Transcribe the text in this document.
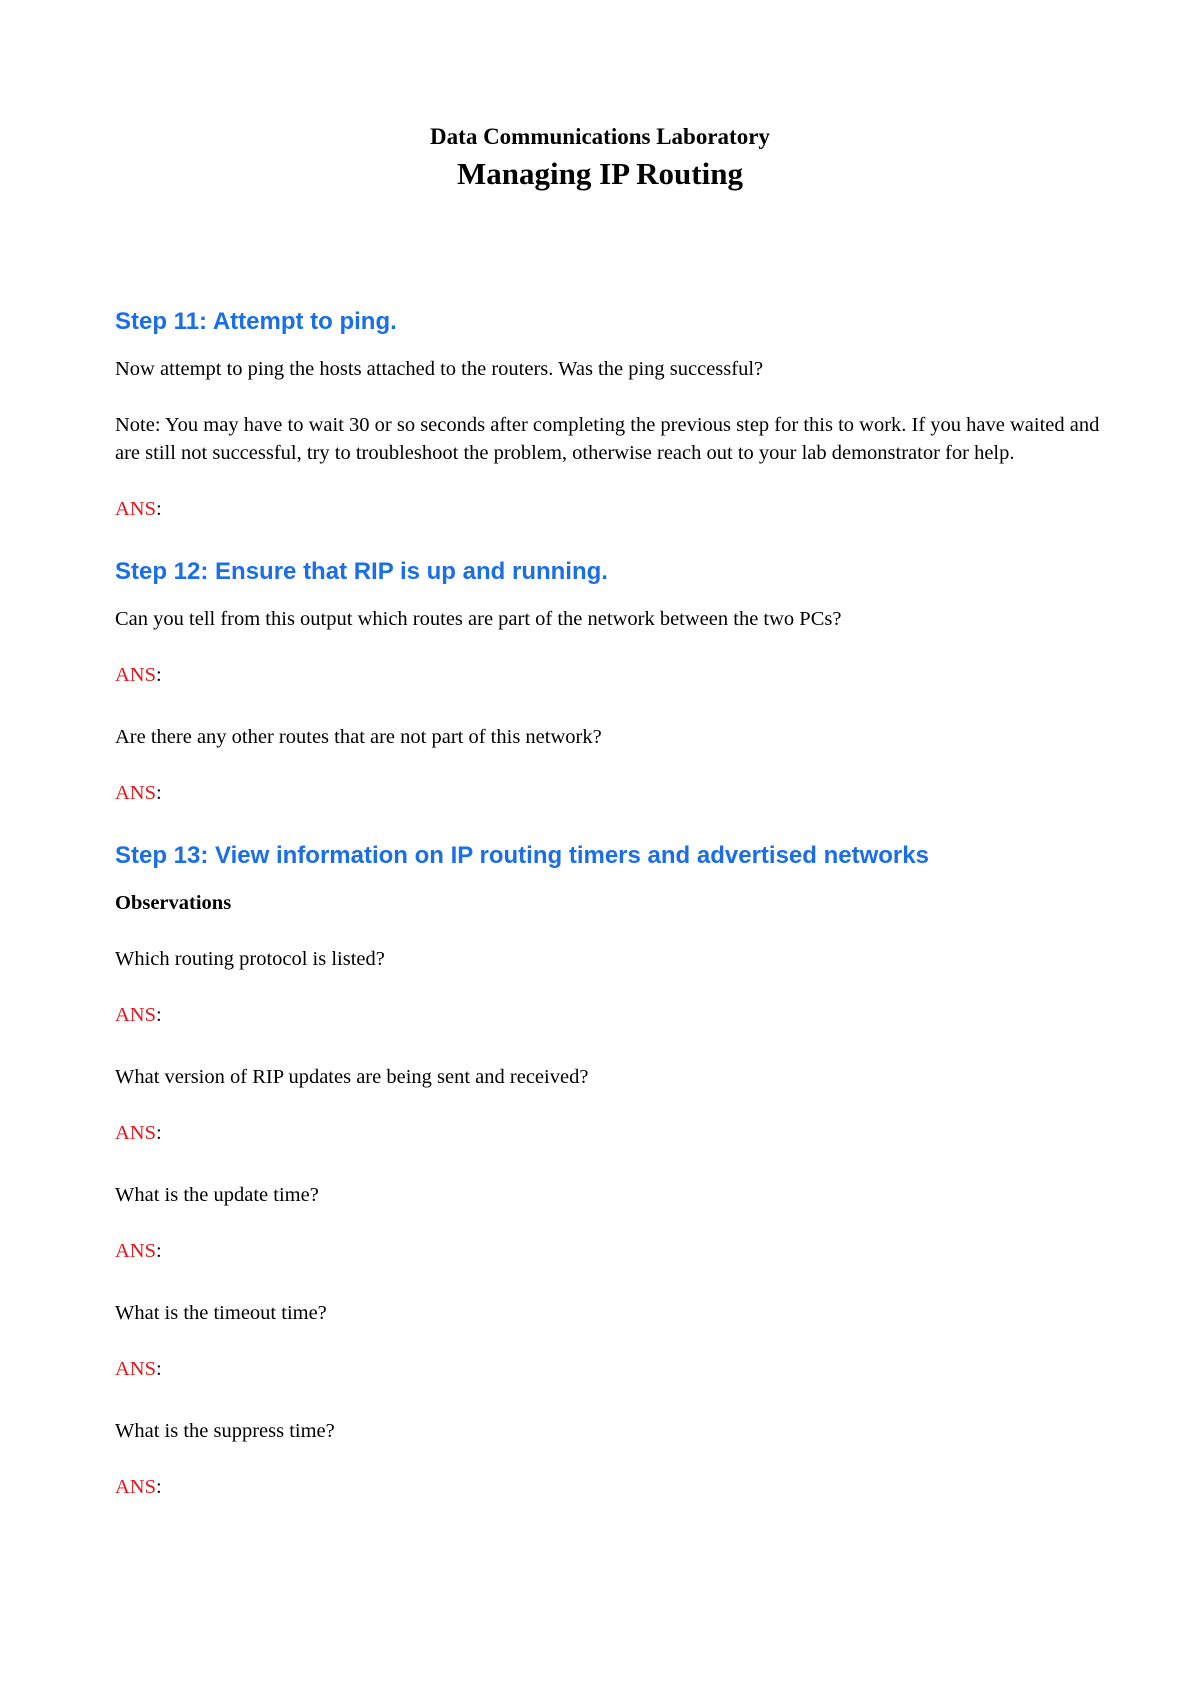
Data Communications Laboratory
Managing IP Routing
Step 11: Attempt to ping.

Now attempt to ping the hosts attached to the routers. Was the ping successful?

Note: You may have to wait 30 or so seconds after completing the previous step for this to work. If you have waited and are still not successful, try to troubleshoot the problem, otherwise reach out to your lab demonstrator for help.

ANS:

Step 12: Ensure that RIP is up and running.

Can you tell from this output which routes are part of the network between the two PCs?

ANS:

Are there any other routes that are not part of this network?

ANS:

Step 13: View information on IP routing timers and advertised networks

Observations

Which routing protocol is listed?

ANS:

What version of RIP updates are being sent and received?

ANS:

What is the update time?

ANS:

What is the timeout time?

ANS:

What is the suppress time?

ANS:
